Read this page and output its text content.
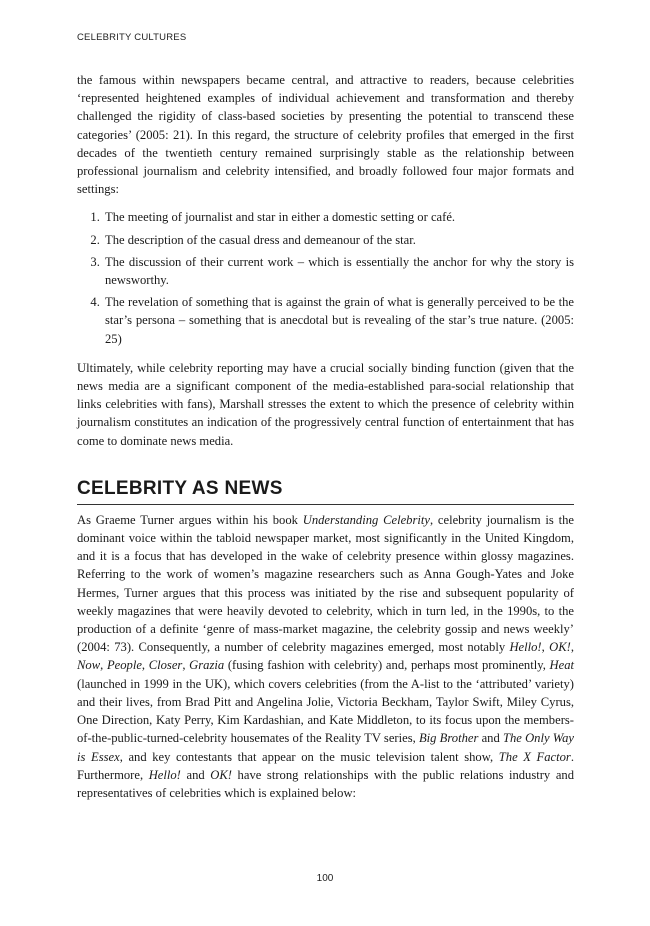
CELEBRITY CULTURES

the famous within newspapers became central, and attractive to readers, because celebrities ‘represented heightened examples of individual achievement and transformation and thereby challenged the rigidity of class-based societies by presenting the potential to transcend these categories’ (2005: 21). In this regard, the structure of celebrity profiles that emerged in the first decades of the twentieth century remained surprisingly stable as the relationship between professional journalism and celebrity intensified, and broadly followed four major formats and settings:

1. The meeting of journalist and star in either a domestic setting or café.
2. The description of the casual dress and demeanour of the star.
3. The discussion of their current work – which is essentially the anchor for why the story is newsworthy.
4. The revelation of something that is against the grain of what is generally perceived to be the star’s persona – something that is anecdotal but is revealing of the star’s true nature. (2005: 25)

Ultimately, while celebrity reporting may have a crucial socially binding function (given that the news media are a significant component of the media-established para-social relationship that links celebrities with fans), Marshall stresses the extent to which the presence of celebrity within journalism constitutes an indication of the progressively central function of entertainment that has come to dominate news media.

CELEBRITY AS NEWS

As Graeme Turner argues within his book Understanding Celebrity, celebrity journalism is the dominant voice within the tabloid newspaper market, most significantly in the United Kingdom, and it is a focus that has developed in the wake of celebrity presence within glossy magazines. Referring to the work of women’s magazine researchers such as Anna Gough-Yates and Joke Hermes, Turner argues that this process was initiated by the rise and subsequent popularity of weekly magazines that were heavily devoted to celebrity, which in turn led, in the 1990s, to the production of a definite ‘genre of mass-market magazine, the celebrity gossip and news weekly’ (2004: 73). Consequently, a number of celebrity magazines emerged, most notably Hello!, OK!, Now, People, Closer, Grazia (fusing fashion with celebrity) and, perhaps most prominently, Heat (launched in 1999 in the UK), which covers celebrities (from the A-list to the ‘attributed’ variety) and their lives, from Brad Pitt and Angelina Jolie, Victoria Beckham, Taylor Swift, Miley Cyrus, One Direction, Katy Perry, Kim Kardashian, and Kate Middleton, to its focus upon the members-of-the-public-turned-celebrity housemates of the Reality TV series, Big Brother and The Only Way is Essex, and key contestants that appear on the music television talent show, The X Factor. Furthermore, Hello! and OK! have strong relationships with the public relations industry and representatives of celebrities which is explained below:

100
